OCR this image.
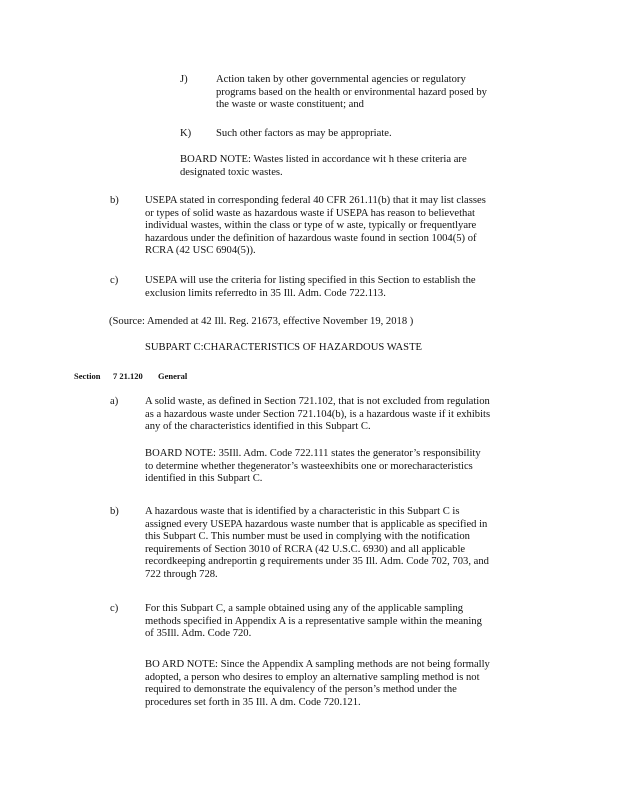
J)	Action taken by other governmental agencies or regulatory
programs based on the health or environmental hazard posed by
the waste or waste constituent; and
K) Such other factors as may be appropriate.
BOARD NOTE: Wastes listed in accordance wit h these criteria are
designated toxic wastes.
b) USEPA stated in corresponding federal 40 CFR 261.11(b) that it may list classes
or types of solid waste as hazardous waste if USEPA has reason to believethat
individual wastes, within the class or type of w aste, typically or frequentlyare
hazardous under the definition of hazardous waste found in section 1004(5) of
RCRA (42 USC 6904(5)).
c)	USEPA will use the criteria for listing specified in this Section to establish the
exclusion limits referredto in 35 Ill. Adm. Code 722.113.
(Source: Amended at 42 Ill. Reg. 21673, effective November 19, 2018 )
SUBPART C:CHARACTERISTICS OF HAZARDOUS WASTE
Section 7 21.120 General
a)	A solid waste, as defined in Section 721.102, that is not excluded from regulation
as a hazardous waste under Section 721.104(b), is a hazardous waste if it exhibits
any of the characteristics identified in this Subpart C.
BOARD NOTE: 35Ill. Adm. Code 722.111 states the generator’s responsibility
to determine whether thegenerator’s wasteexhibits one or morecharacteristics
identified in this Subpart C.
b) A hazardous waste that is identified by a characteristic in this Subpart C is
assigned every USEPA hazardous waste number that is applicable as specified in
this Subpart C. This number must be used in complying with the notification
requirements of Section 3010 of RCRA (42 U.S.C. 6930) and all applicable
recordkeeping andreportin g requirements under 35 Ill. Adm. Code 702, 703, and
722 through 728.
c)	For this Subpart C, a sample obtained using any of the applicable sampling
methods specified in Appendix A is a representative sample within the meaning
of 35Ill. Adm. Code 720.
BO ARD NOTE: Since the Appendix A sampling methods are not being formally
adopted, a person who desires to employ an alternative sampling method is not
required to demonstrate the equivalency of the person’s method under the
procedures set forth in 35 Ill. A dm. Code 720.121.
